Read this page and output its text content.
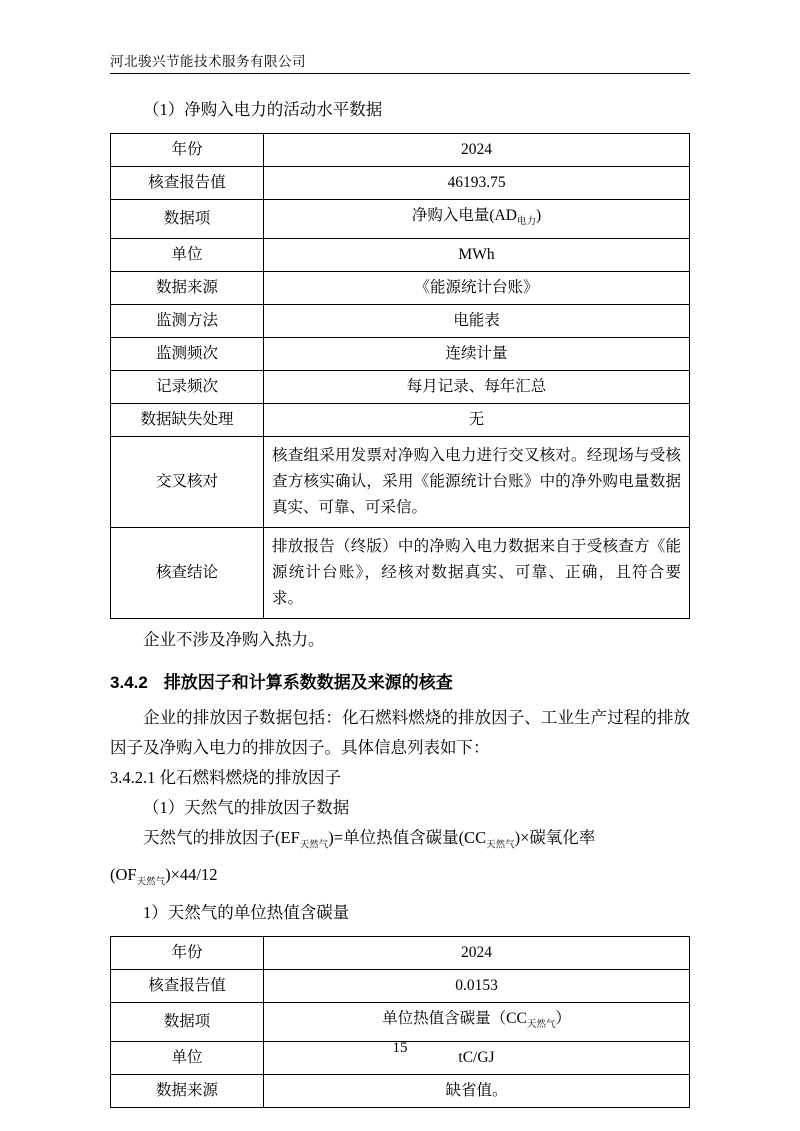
河北骏兴节能技术服务有限公司

（1）净购入电力的活动水平数据

年份	2024
核查报告值	46193.75
数据项	净购入电量$(AD_{电力})$
单位	MWh
数据来源	《能源统计台账》
监测方法	电能表
监测频次	连续计量
记录频次	每月记录、每年汇总
数据缺失处理	无
交叉核对	核查组采用发票对净购入电力进行交叉核对。经现场与受核查方核实确认，采用《能源统计台账》中的净外购电量数据真实、可靠、可采信。
核查结论	排放报告（终版）中的净购入电力数据来自于受核查方《能源统计台账》，经核对数据真实、可靠、正确，且符合要求。

企业不涉及净购入热力。

3.4.2 排放因子和计算系数数据及来源的核查

企业的排放因子数据包括：化石燃料燃烧的排放因子、工业生产过程的排放因子及净购入电力的排放因子。具体信息列表如下：

3.4.2.1 化石燃料燃烧的排放因子

（1）天然气的排放因子数据

天然气的排放因子$(EF_{天然气})=$单位热值含碳量$(CC_{天然气})\times$碳氧化率

$(OF_{天然气})\times 44/12$

1）天然气的单位热值含碳量

年份	2024
核查报告值	0.0153
数据项	单位热值含碳量$(CC_{天然气})$
单位	tC/GJ
数据来源	缺省值。
15
